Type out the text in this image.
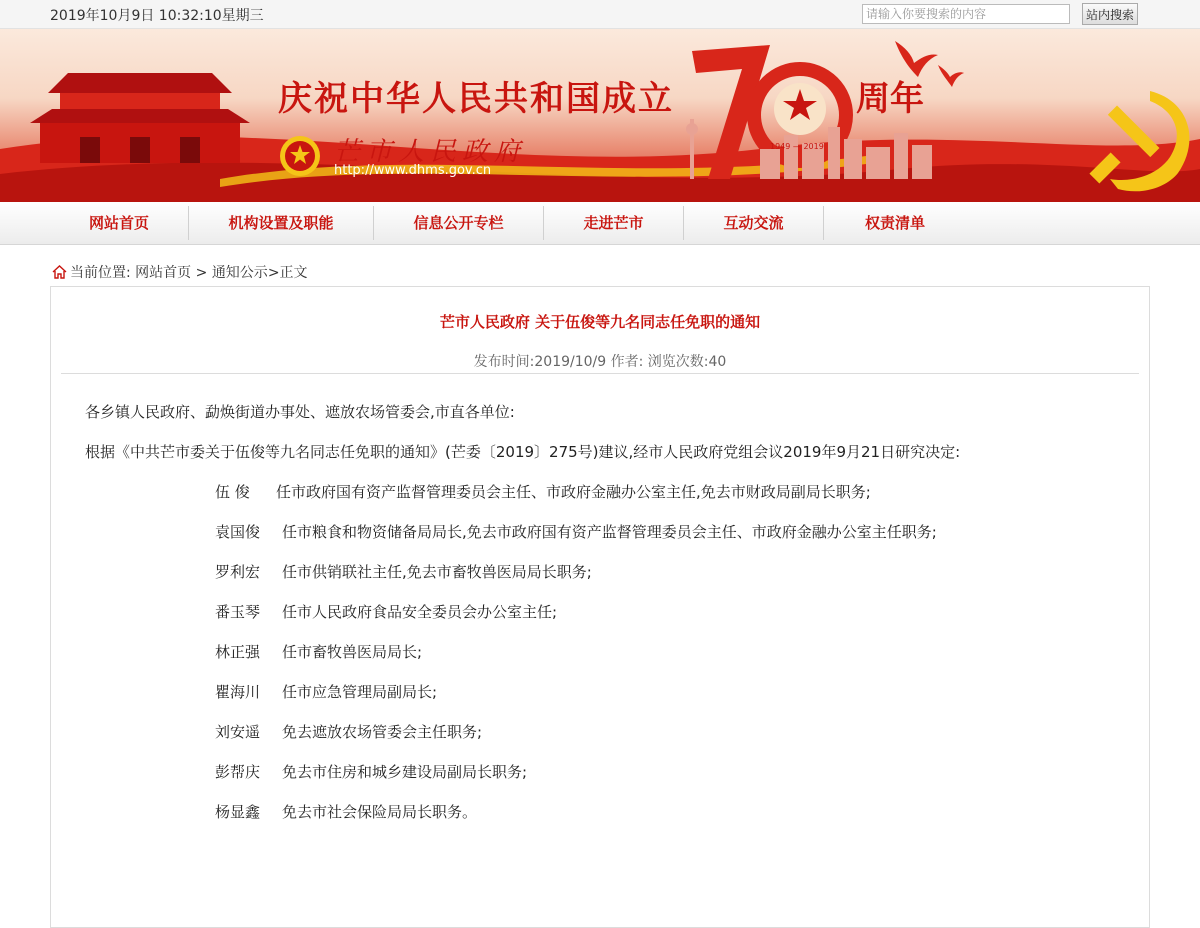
2019年10月9日 10:32:10星期三
请输入你要搜索的内容	站内搜索
庆祝中华人民共和国成立	周年
芒市人民政府
http://www.dhms.gov.cn
1949 — 2019
网站首页	机构设置及职能	信息公开专栏	走进芒市	互动交流	权责清单
当前位置: 网站首页 > 通知公示>正文
芒市人民政府 关于伍俊等九名同志任免职的通知
发布时间:2019/10/9 作者: 浏览次数:40
各乡镇人民政府、勐焕街道办事处、遮放农场管委会,市直各单位:
根据《中共芒市委关于伍俊等九名同志任免职的通知》(芒委〔2019〕275号)建议,经市人民政府党组会议2019年9月21日研究决定:
伍 俊	任市政府国有资产监督管理委员会主任、市政府金融办公室主任,免去市财政局副局长职务;
袁国俊	任市粮食和物资储备局局长,免去市政府国有资产监督管理委员会主任、市政府金融办公室主任职务;
罗利宏	任市供销联社主任,免去市畜牧兽医局局长职务;
番玉琴	任市人民政府食品安全委员会办公室主任;
林正强	任市畜牧兽医局局长;
瞿海川	任市应急管理局副局长;
刘安遥	免去遮放农场管委会主任职务;
彭帮庆	免去市住房和城乡建设局副局长职务;
杨显鑫	免去市社会保险局局长职务。
